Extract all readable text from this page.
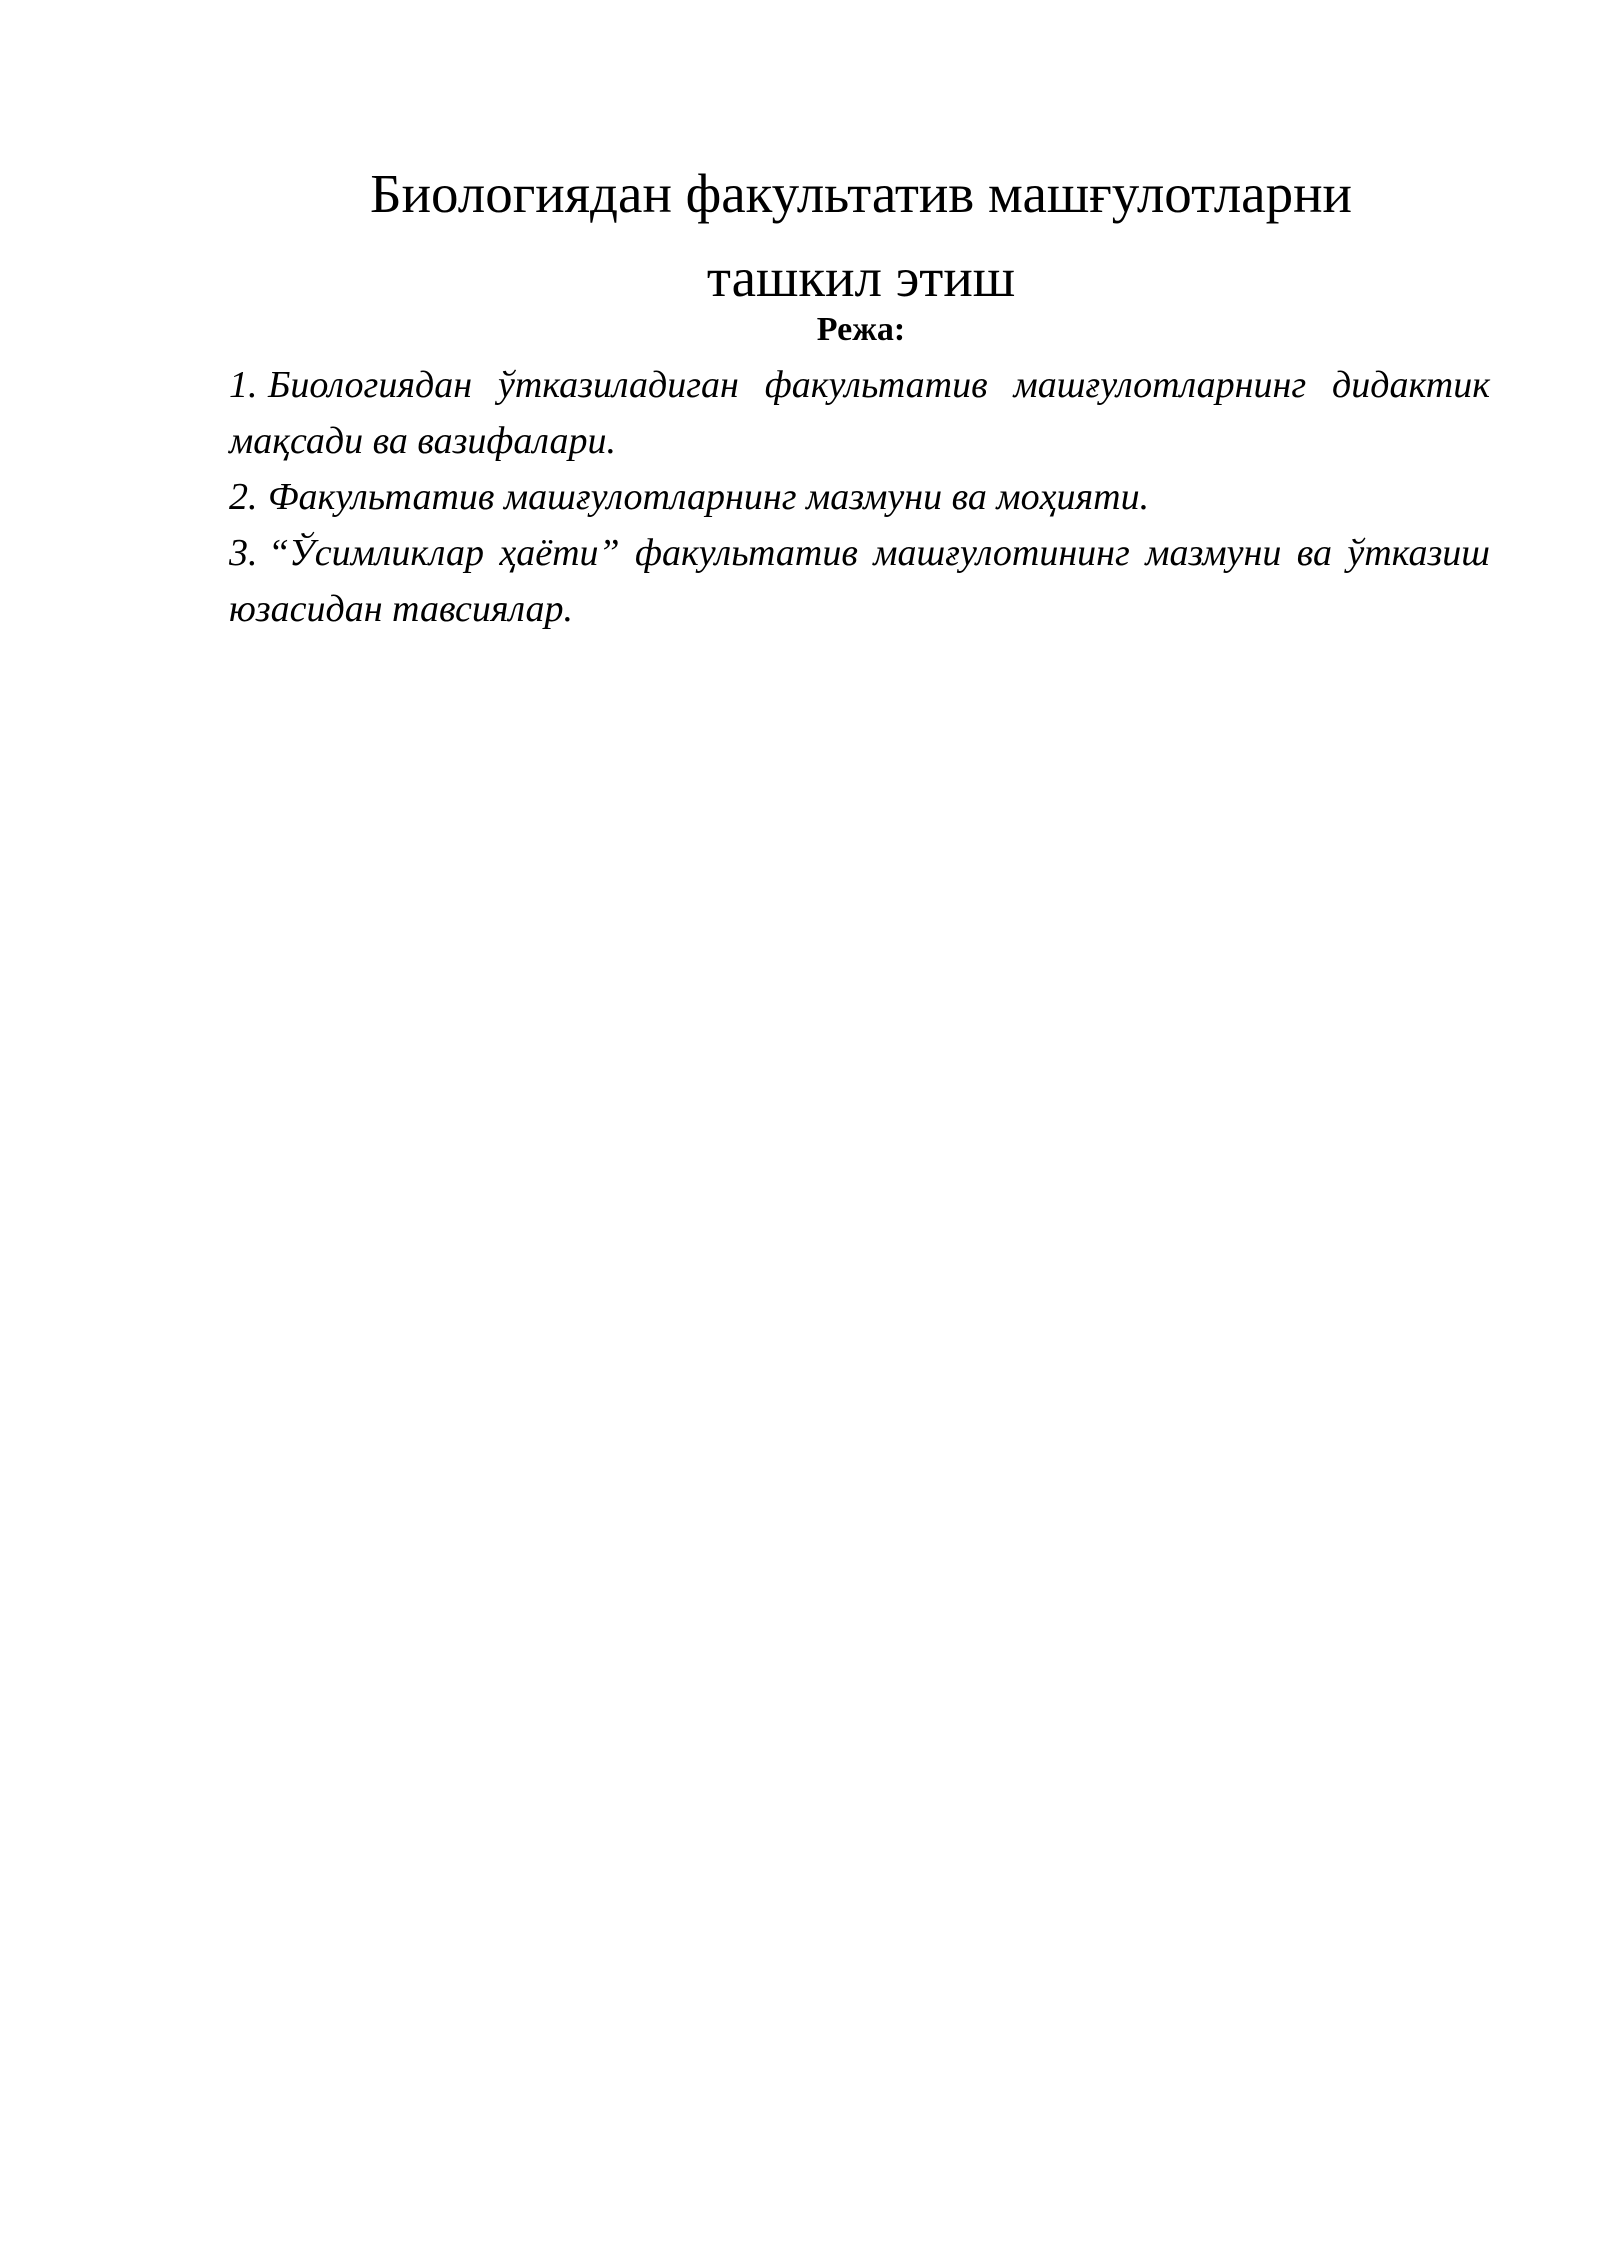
Биологиядан факультатив машғулотларни
ташкил этиш
Режа:
1. Биологиядан ўтказиладиган факультатив машғулотларнинг дидактик мақсади ва вазифалари.
2. Факультатив машғулотларнинг мазмуни ва моҳияти.
3. “Ўсимликлар ҳаёти” факультатив машғулотининг мазмуни ва ўтказиш юзасидан тавсиялар.
